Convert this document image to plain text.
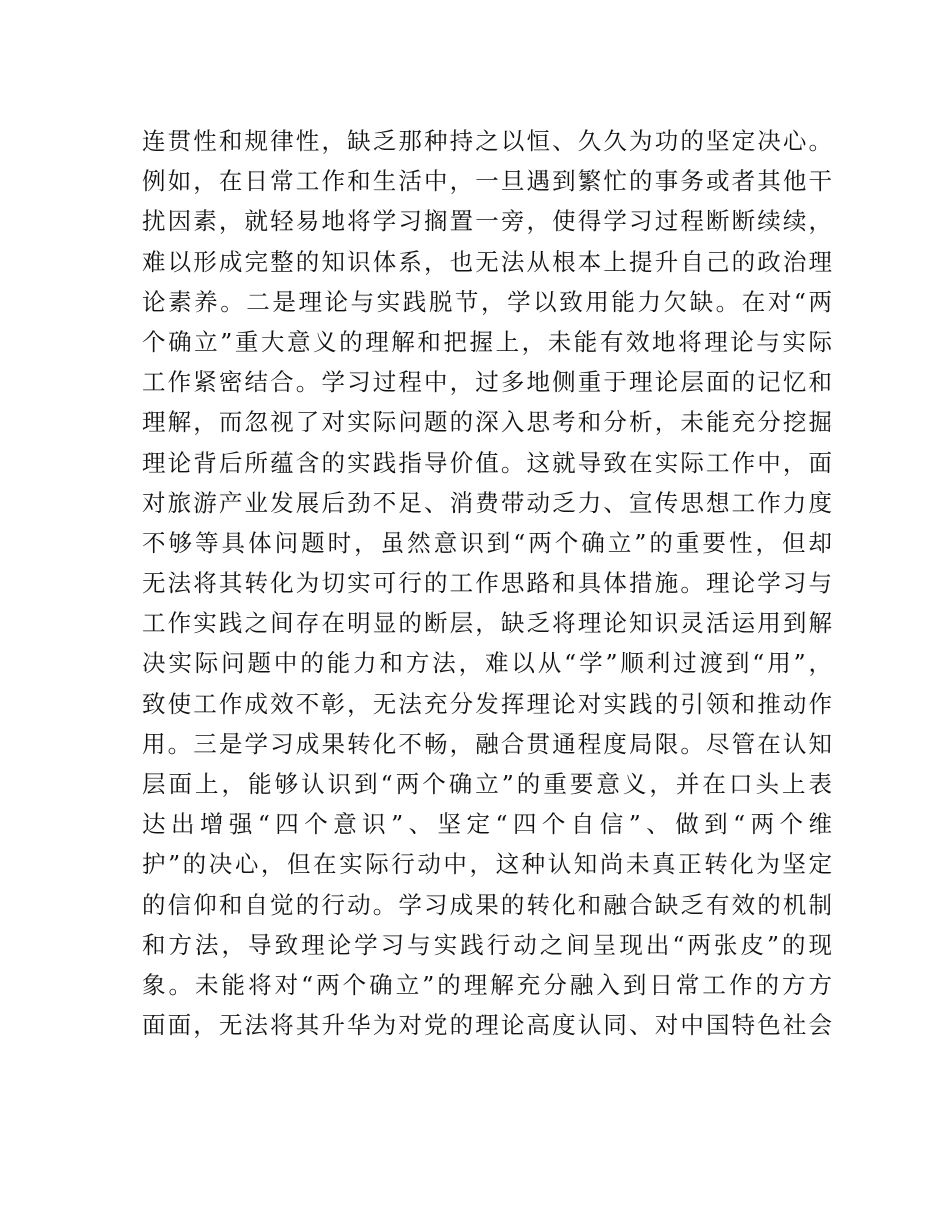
连贯性和规律性，缺乏那种持之以恒、久久为功的坚定决心。
例如，在日常工作和生活中，一旦遇到繁忙的事务或者其他干
扰因素，就轻易地将学习搁置一旁，使得学习过程断断续续，
难以形成完整的知识体系，也无法从根本上提升自己的政治理
论素养。二是理论与实践脱节，学以致用能力欠缺。在对“两
个确立”重大意义的理解和把握上，未能有效地将理论与实际
工作紧密结合。学习过程中，过多地侧重于理论层面的记忆和
理解，而忽视了对实际问题的深入思考和分析，未能充分挖掘
理论背后所蕴含的实践指导价值。这就导致在实际工作中，面
对旅游产业发展后劲不足、消费带动乏力、宣传思想工作力度
不够等具体问题时，虽然意识到“两个确立”的重要性，但却
无法将其转化为切实可行的工作思路和具体措施。理论学习与
工作实践之间存在明显的断层，缺乏将理论知识灵活运用到解
决实际问题中的能力和方法，难以从“学”顺利过渡到“用”，
致使工作成效不彰，无法充分发挥理论对实践的引领和推动作
用。三是学习成果转化不畅，融合贯通程度局限。尽管在认知
层面上，能够认识到“两个确立”的重要意义，并在口头上表
达出增强“四个意识”、坚定“四个自信”、做到“两个维
护”的决心，但在实际行动中，这种认知尚未真正转化为坚定
的信仰和自觉的行动。学习成果的转化和融合缺乏有效的机制
和方法，导致理论学习与实践行动之间呈现出“两张皮”的现
象。未能将对“两个确立”的理解充分融入到日常工作的方方
面面，无法将其升华为对党的理论高度认同、对中国特色社会
